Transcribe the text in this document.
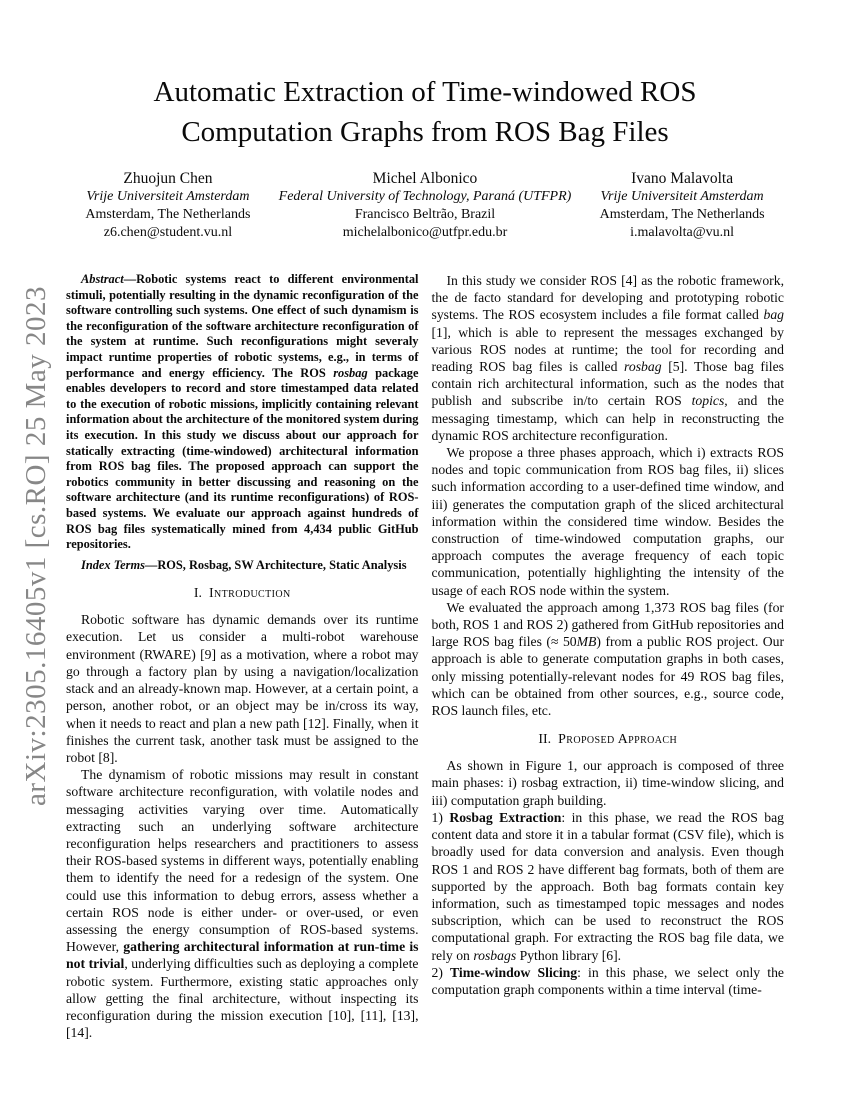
arXiv:2305.16405v1 [cs.RO] 25 May 2023
Automatic Extraction of Time-windowed ROS
Computation Graphs from ROS Bag Files
Zhuojun Chen
Vrije Universiteit Amsterdam
Amsterdam, The Netherlands
z6.chen@student.vu.nl
Michel Albonico
Federal University of Technology, Paraná (UTFPR)
Francisco Beltrão, Brazil
michelalbonico@utfpr.edu.br
Ivano Malavolta
Vrije Universiteit Amsterdam
Amsterdam, The Netherlands
i.malavolta@vu.nl

Abstract—Robotic systems react to different environmental stimuli, potentially resulting in the dynamic reconfiguration of the software controlling such systems. One effect of such dynamism is the reconfiguration of the software architecture reconfiguration of the system at runtime. Such reconfigurations might severaly impact runtime properties of robotic systems, e.g., in terms of performance and energy efficiency. The ROS rosbag package enables developers to record and store timestamped data related to the execution of robotic missions, implicitly containing relevant information about the architecture of the monitored system during its execution. In this study we discuss about our approach for statically extracting (time-windowed) architectural information from ROS bag files. The proposed approach can support the robotics community in better discussing and reasoning on the software architecture (and its runtime reconfigurations) of ROS-based systems. We evaluate our approach against hundreds of ROS bag files systematically mined from 4,434 public GitHub repositories.

Index Terms—ROS, Rosbag, SW Architecture, Static Analysis

I. Introduction

Robotic software has dynamic demands over its runtime execution. Let us consider a multi-robot warehouse environment (RWARE) [9] as a motivation, where a robot may go through a factory plan by using a navigation/localization stack and an already-known map. However, at a certain point, a person, another robot, or an object may be in/cross its way, when it needs to react and plan a new path [12]. Finally, when it finishes the current task, another task must be assigned to the robot [8].

The dynamism of robotic missions may result in constant software architecture reconfiguration, with volatile nodes and messaging activities varying over time. Automatically extracting such an underlying software architecture reconfiguration helps researchers and practitioners to assess their ROS-based systems in different ways, potentially enabling them to identify the need for a redesign of the system. One could use this information to debug errors, assess whether a certain ROS node is either under- or over-used, or even assessing the energy consumption of ROS-based systems. However, gathering architectural information at run-time is not trivial, underlying difficulties such as deploying a complete robotic system. Furthermore, existing static approaches only allow getting the final architecture, without inspecting its reconfiguration during the mission execution [10], [11], [13], [14].

In this study we consider ROS [4] as the robotic framework, the de facto standard for developing and prototyping robotic systems. The ROS ecosystem includes a file format called bag [1], which is able to represent the messages exchanged by various ROS nodes at runtime; the tool for recording and reading ROS bag files is called rosbag [5]. Those bag files contain rich architectural information, such as the nodes that publish and subscribe in/to certain ROS topics, and the messaging timestamp, which can help in reconstructing the dynamic ROS architecture reconfiguration.

We propose a three phases approach, which i) extracts ROS nodes and topic communication from ROS bag files, ii) slices such information according to a user-defined time window, and iii) generates the computation graph of the sliced architectural information within the considered time window. Besides the construction of time-windowed computation graphs, our approach computes the average frequency of each topic communication, potentially highlighting the intensity of the usage of each ROS node within the system.

We evaluated the approach among 1,373 ROS bag files (for both, ROS 1 and ROS 2) gathered from GitHub repositories and large ROS bag files (≈ 50MB) from a public ROS project. Our approach is able to generate computation graphs in both cases, only missing potentially-relevant nodes for 49 ROS bag files, which can be obtained from other sources, e.g., source code, ROS launch files, etc.

II. Proposed Approach

As shown in Figure 1, our approach is composed of three main phases: i) rosbag extraction, ii) time-window slicing, and iii) computation graph building.

1) Rosbag Extraction: in this phase, we read the ROS bag content data and store it in a tabular format (CSV file), which is broadly used for data conversion and analysis. Even though ROS 1 and ROS 2 have different bag formats, both of them are supported by the approach. Both bag formats contain key information, such as timestamped topic messages and nodes subscription, which can be used to reconstruct the ROS computational graph. For extracting the ROS bag file data, we rely on rosbags Python library [6].

2) Time-window Slicing: in this phase, we select only the computation graph components within a time interval (time-
